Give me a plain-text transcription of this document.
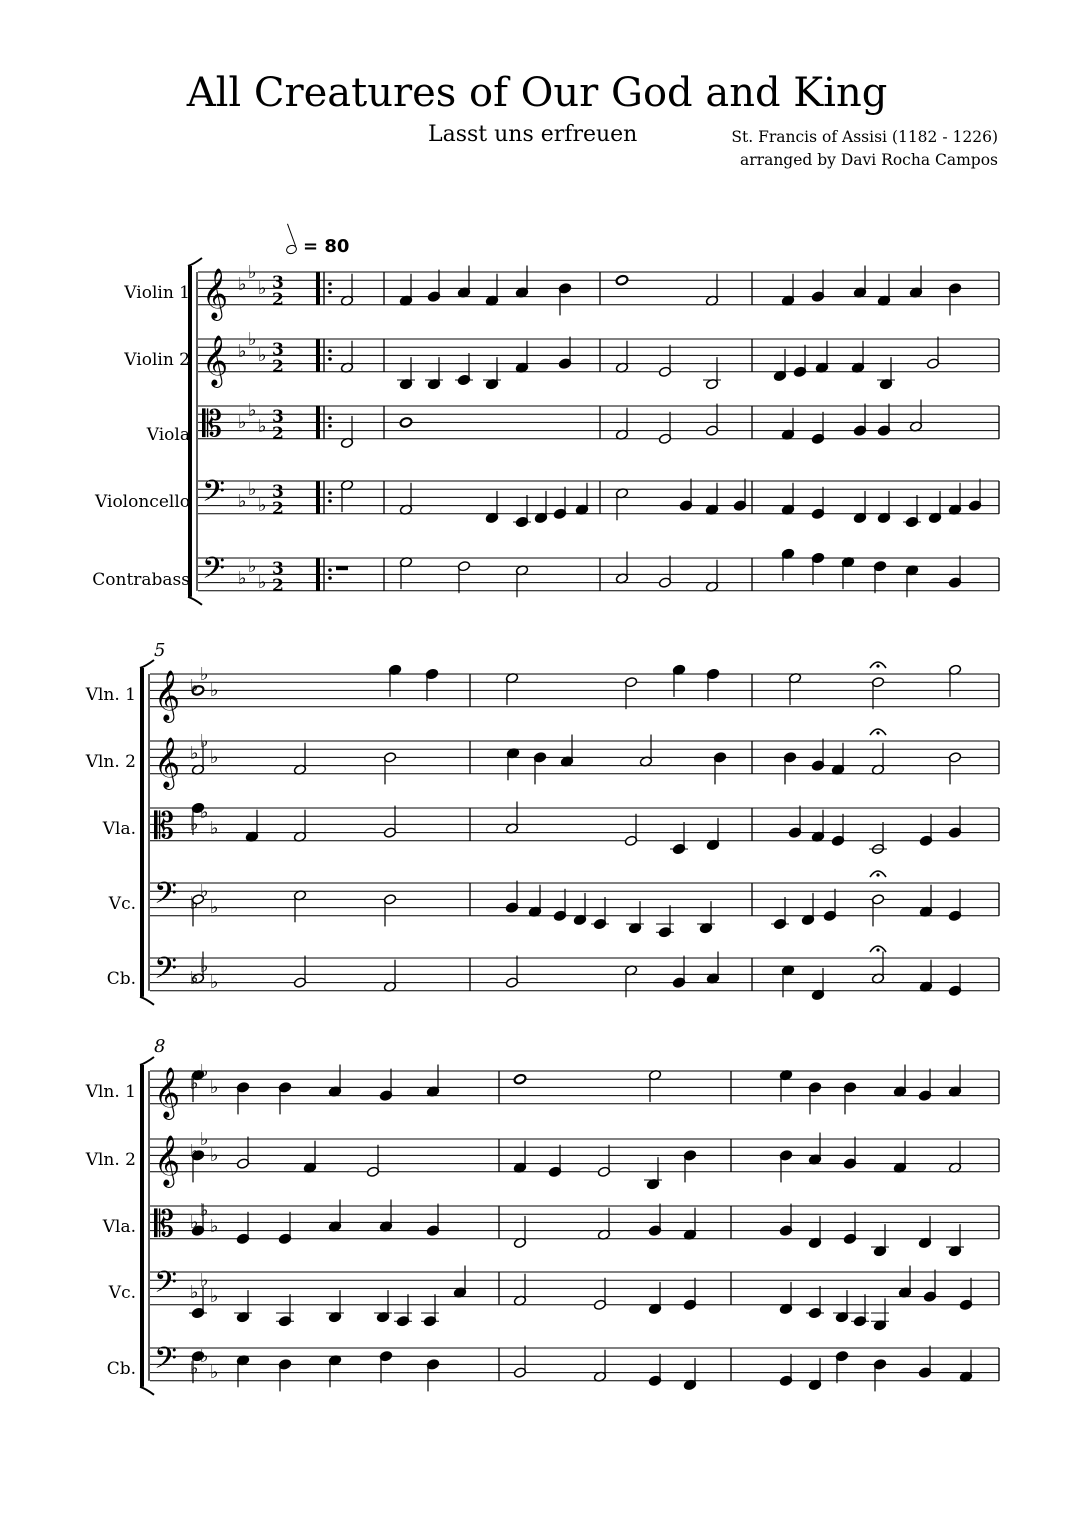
All Creatures of Our God and King
Lasst uns erfreuen	St. Francis of Assisi (1182 - 1226)
arranged by Davi Rocha Campos
= 80
Violin 1
Violin 2
Viola
Violoncello
Contrabass
Vln. 1
Vln. 2
Vla.
Vc.
Cb.
Vln. 1
Vln. 2
Vla.
Vc.
Cb.
5
8
𝄞 ♭
♭
♭ 3
2
𝄞 ♭
♭
♭ 3
2
𝄡 ♭
♭
♭ 3
2
𝄢 ♭
♭
♭
3
2
𝄢 ♭
♭
♭
3
2
𝄞 ♭
♭
♭
𝄞 ♭
♭
♭
𝄡 ♭
♭
♭
𝄢 ♭
♭
♭
𝄢 ♭
♭
♭
𝄞 ♭
♭
♭
𝄞 ♭
♭
♭
𝄡 ♭
♭
♭
𝄢 ♭
♭
♭
𝄢 ♭
♭
♭
